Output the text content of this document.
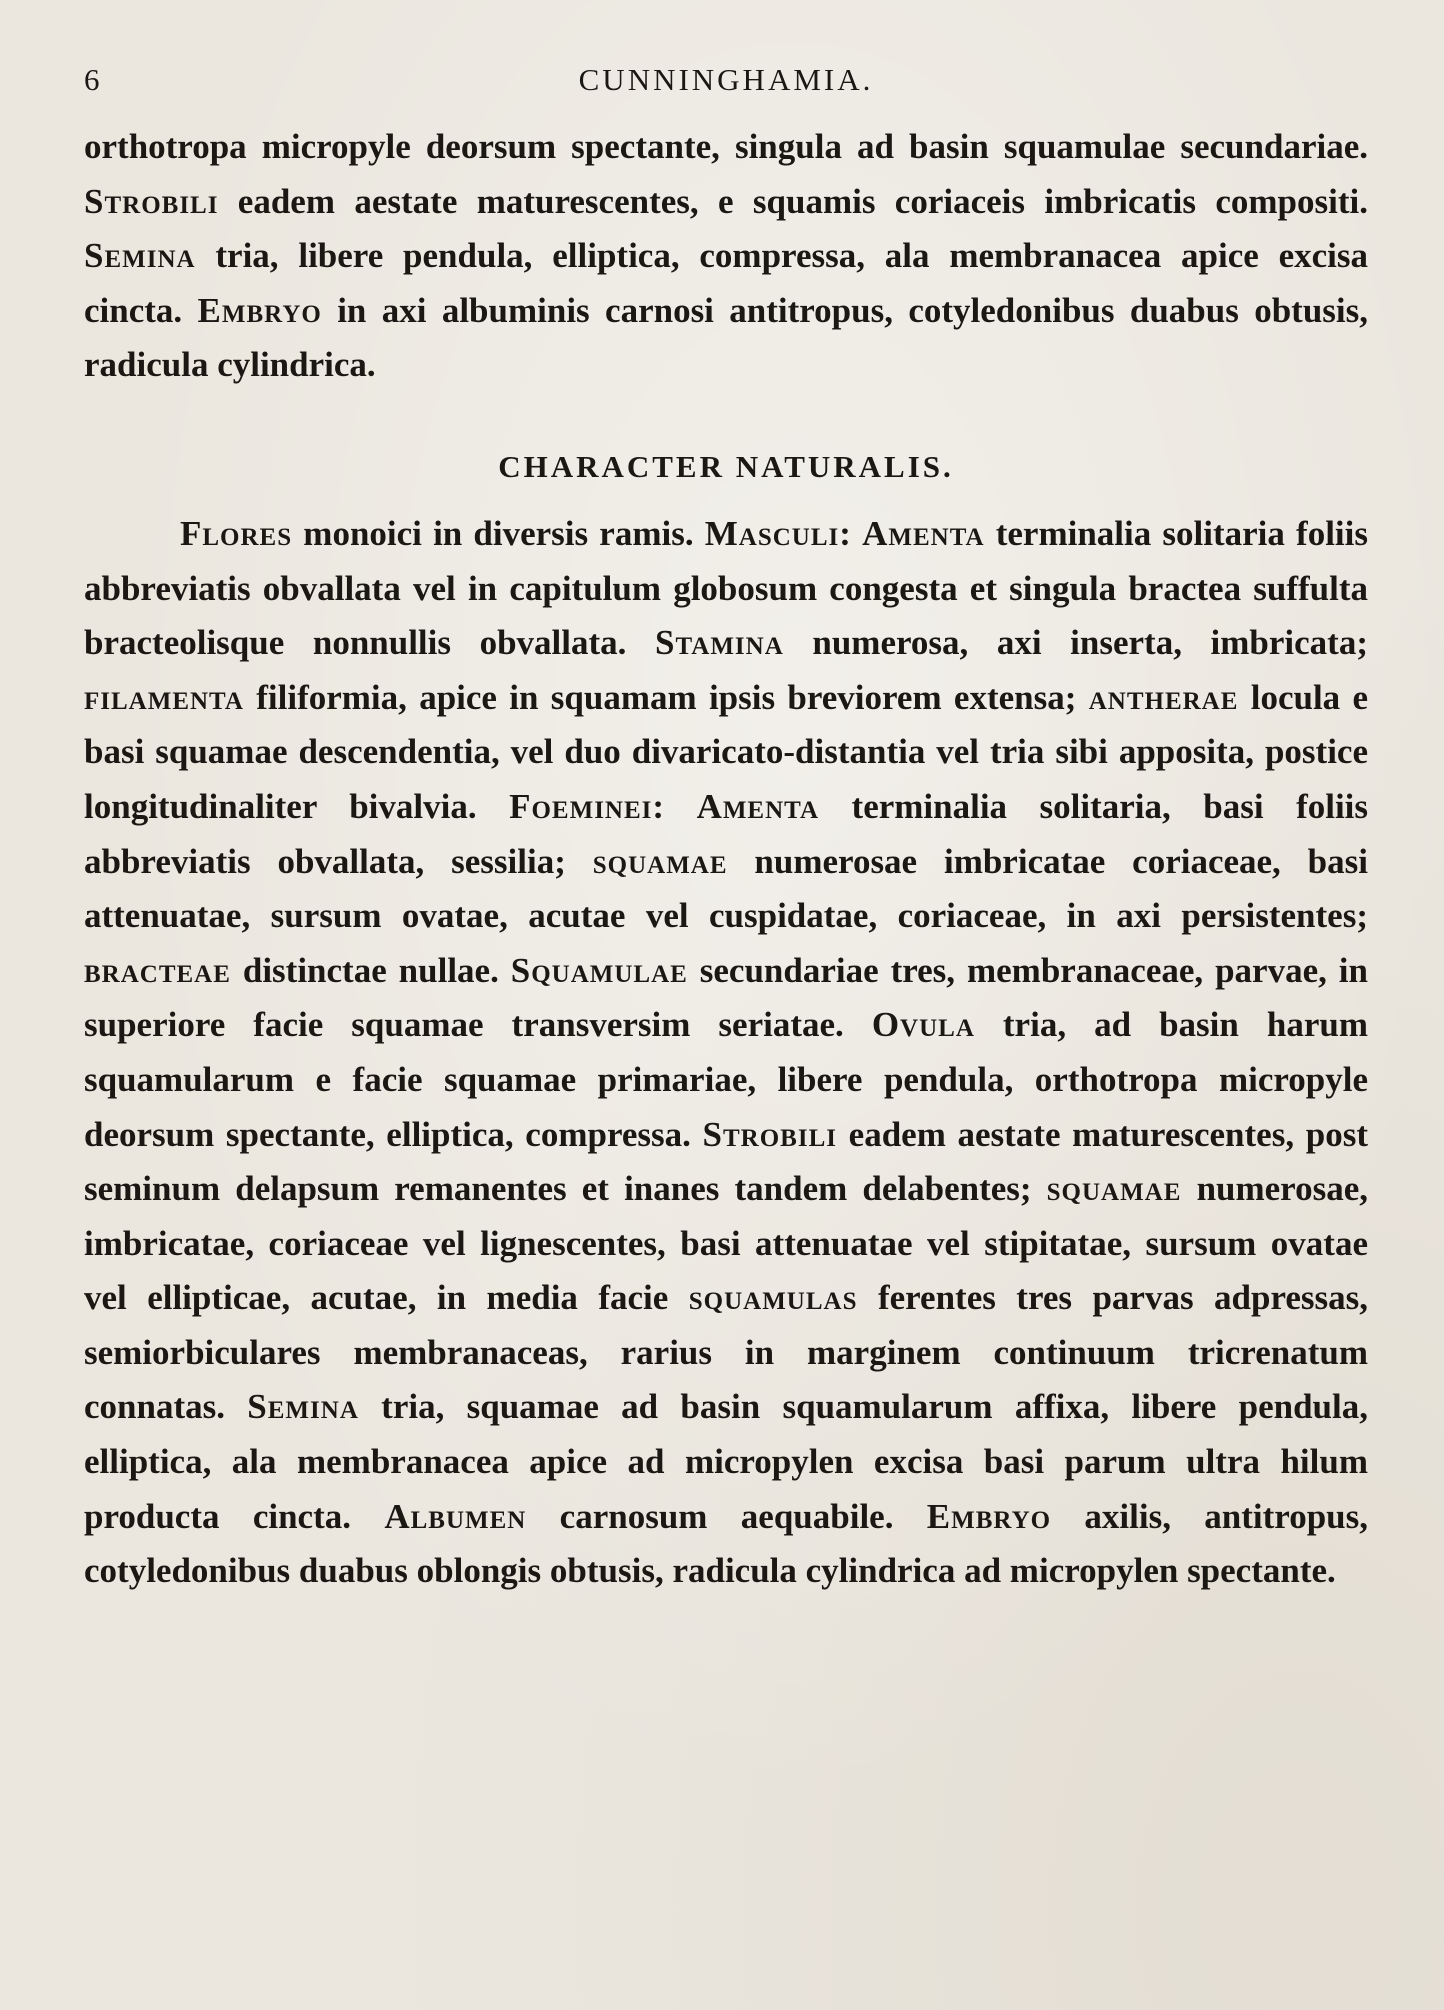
6	CUNNINGHAMIA.

orthotropa micropyle deorsum spectante, singula ad basin squamulae secundariae. Strobili eadem aestate maturescentes, e squamis coriaceis imbricatis compositi. Semina tria, libere pendula, elliptica, compressa, ala membranacea apice excisa cincta. Embryo in axi albuminis carnosi antitropus, cotyledonibus duabus obtusis, radicula cylindrica.

CHARACTER NATURALIS.

Flores monoici in diversis ramis. Masculi: Amenta terminalia solitaria foliis abbreviatis obvallata vel in capitulum globosum congesta et singula bractea suffulta bracteolisque nonnullis obvallata. Stamina numerosa, axi inserta, imbricata; filamenta filiformia, apice in squamam ipsis breviorem extensa; antherae locula e basi squamae descendentia, vel duo divaricato-distantia vel tria sibi apposita, postice longitudinaliter bivalvia. Foeminei: Amenta terminalia solitaria, basi foliis abbreviatis obvallata, sessilia; squamae numerosae imbricatae coriaceae, basi attenuatae, sursum ovatae, acutae vel cuspidatae, coriaceae, in axi persistentes; bracteae distinctae nullae. Squamulae secundariae tres, membranaceae, parvae, in superiore facie squamae transversim seriatae. Ovula tria, ad basin harum squamularum e facie squamae primariae, libere pendula, orthotropa micropyle deorsum spectante, elliptica, compressa. Strobili eadem aestate maturescentes, post seminum delapsum remanentes et inanes tandem delabentes; squamae numerosae, imbricatae, coriaceae vel lignescentes, basi attenuatae vel stipitatae, sursum ovatae vel ellipticae, acutae, in media facie squamulas ferentes tres parvas adpressas, semiorbiculares membranaceas, rarius in marginem continuum tricrenatum connatas. Semina tria, squamae ad basin squamularum affixa, libere pendula, elliptica, ala membranacea apice ad micropylen excisa basi parum ultra hilum producta cincta. Albumen carnosum aequabile. Embryo axilis, antitropus, cotyledonibus duabus oblongis obtusis, radicula cylindrica ad micropylen spectante.
